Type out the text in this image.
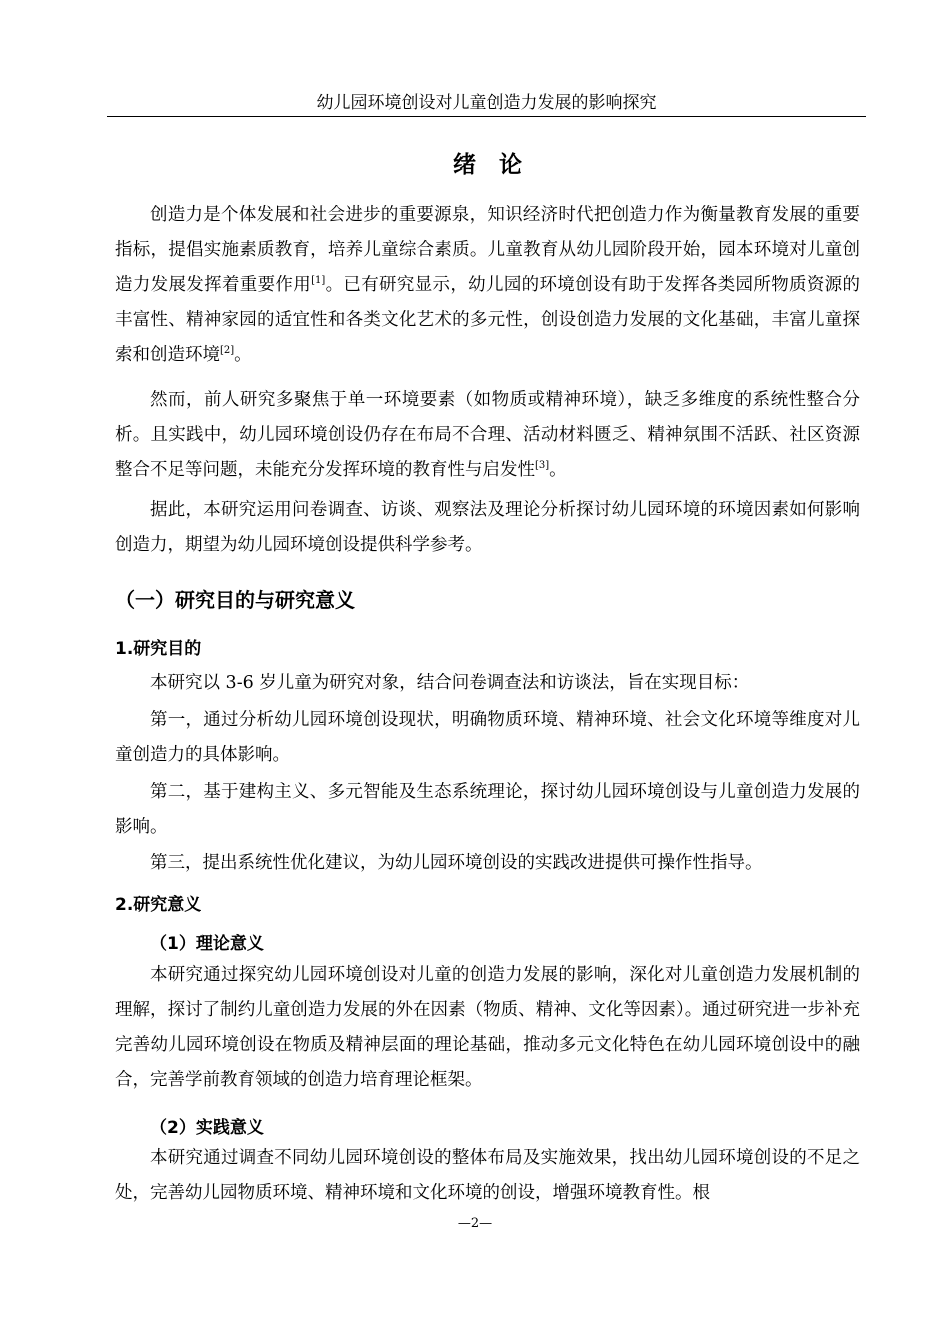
幼儿园环境创设对儿童创造力发展的影响探究
绪　论

创造力是个体发展和社会进步的重要源泉，知识经济时代把创造力作为衡量教育发展的重要指标，提倡实施素质教育，培养儿童综合素质。儿童教育从幼儿园阶段开始，园本环境对儿童创造力发展发挥着重要作用[1]。已有研究显示，幼儿园的环境创设有助于发挥各类园所物质资源的丰富性、精神家园的适宜性和各类文化艺术的多元性，创设创造力发展的文化基础，丰富儿童探索和创造环境[2]。

然而，前人研究多聚焦于单一环境要素（如物质或精神环境），缺乏多维度的系统性整合分析。且实践中，幼儿园环境创设仍存在布局不合理、活动材料匮乏、精神氛围不活跃、社区资源整合不足等问题，未能充分发挥环境的教育性与启发性[3]。

据此，本研究运用问卷调查、访谈、观察法及理论分析探讨幼儿园环境的环境因素如何影响创造力，期望为幼儿园环境创设提供科学参考。

（一）研究目的与研究意义
1.研究目的

本研究以 3-6 岁儿童为研究对象，结合问卷调查法和访谈法，旨在实现目标：

第一，通过分析幼儿园环境创设现状，明确物质环境、精神环境、社会文化环境等维度对儿童创造力的具体影响。

第二，基于建构主义、多元智能及生态系统理论，探讨幼儿园环境创设与儿童创造力发展的影响。

第三，提出系统性优化建议，为幼儿园环境创设的实践改进提供可操作性指导。

2.研究意义
（1）理论意义

本研究通过探究幼儿园环境创设对儿童的创造力发展的影响，深化对儿童创造力发展机制的理解，探讨了制约儿童创造力发展的外在因素（物质、精神、文化等因素）。通过研究进一步补充完善幼儿园环境创设在物质及精神层面的理论基础，推动多元文化特色在幼儿园环境创设中的融合，完善学前教育领域的创造力培育理论框架。

（2）实践意义

本研究通过调查不同幼儿园环境创设的整体布局及实施效果，找出幼儿园环境创设的不足之处，完善幼儿园物质环境、精神环境和文化环境的创设，增强环境教育性。根

—2—
